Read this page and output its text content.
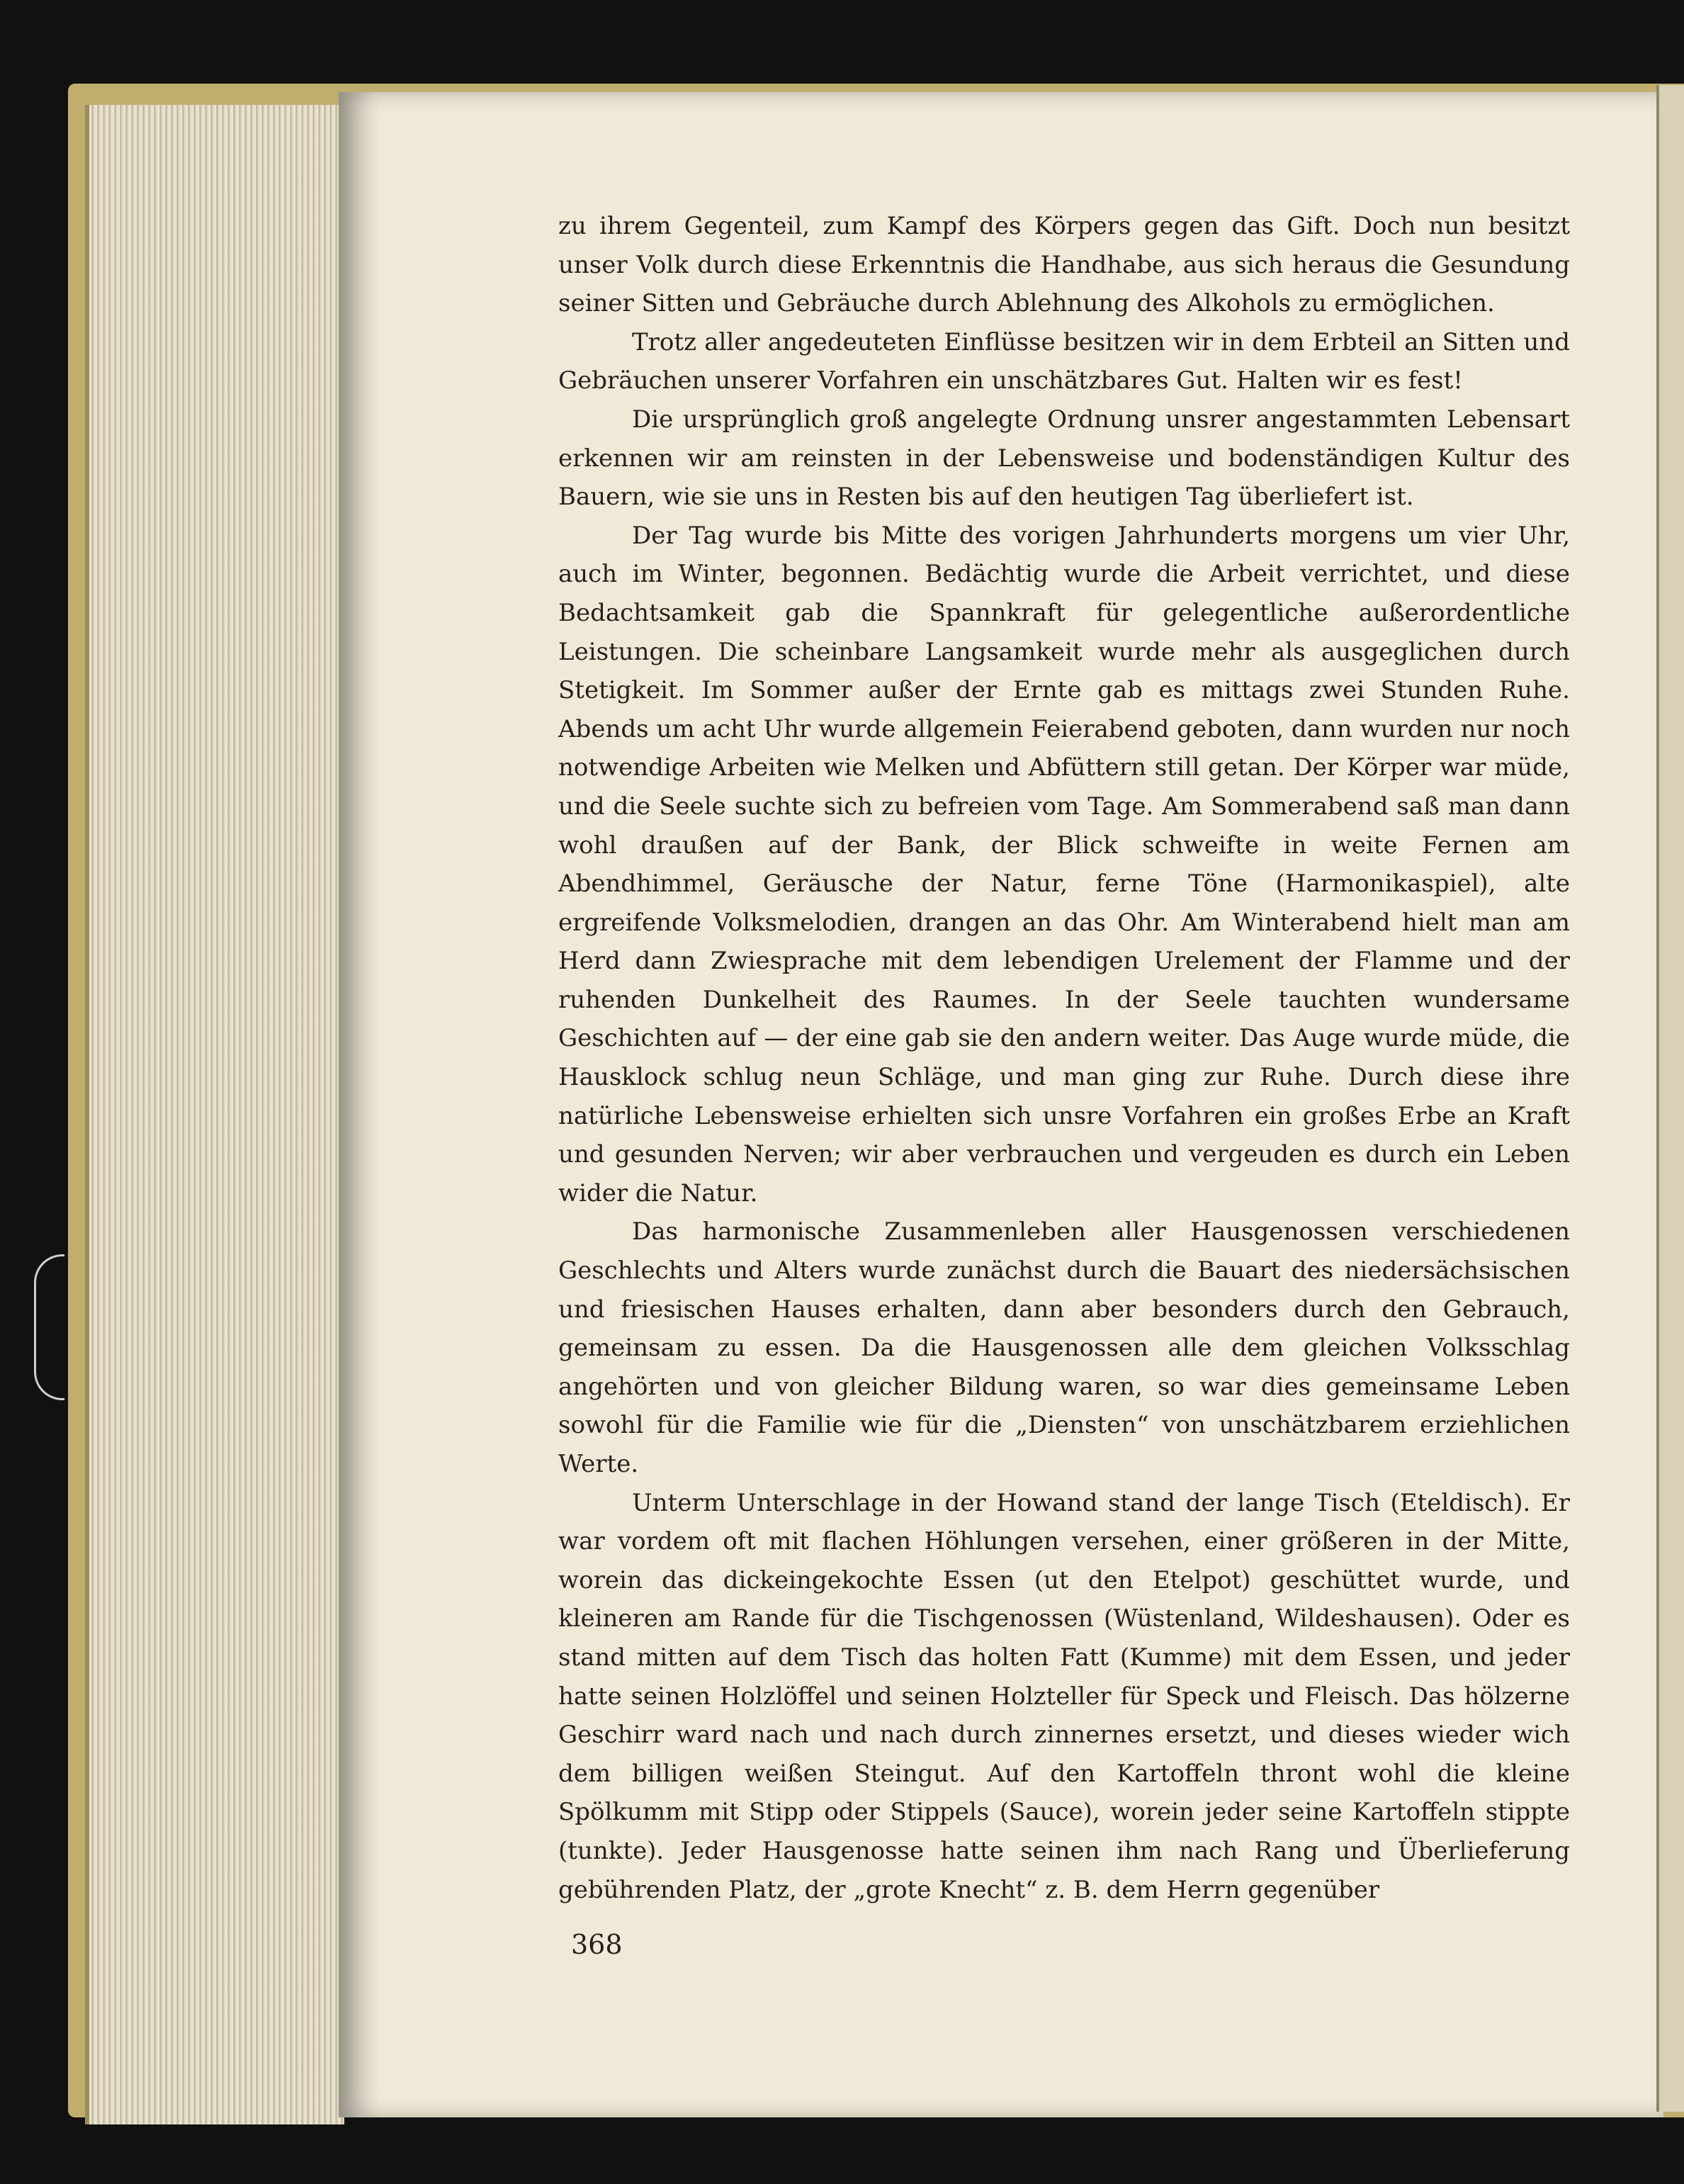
zu ihrem Gegenteil, zum Kampf des Körpers gegen das Gift. Doch nun besitzt unser Volk durch diese Erkenntnis die Handhabe, aus sich heraus die Gesundung seiner Sitten und Gebräuche durch Ablehnung des Alkohols zu ermöglichen.

Trotz aller angedeuteten Einflüsse besitzen wir in dem Erbteil an Sitten und Gebräuchen unserer Vorfahren ein unschätzbares Gut. Halten wir es fest!

Die ursprünglich groß angelegte Ordnung unsrer angestammten Lebensart erkennen wir am reinsten in der Lebensweise und bodenständigen Kultur des Bauern, wie sie uns in Resten bis auf den heutigen Tag überliefert ist.

Der Tag wurde bis Mitte des vorigen Jahrhunderts morgens um vier Uhr, auch im Winter, begonnen. Bedächtig wurde die Arbeit verrichtet, und diese Bedachtsamkeit gab die Spannkraft für gelegentliche außerordentliche Leistungen. Die scheinbare Langsamkeit wurde mehr als ausgeglichen durch Stetigkeit. Im Sommer außer der Ernte gab es mittags zwei Stunden Ruhe. Abends um acht Uhr wurde allgemein Feierabend geboten, dann wurden nur noch notwendige Arbeiten wie Melken und Abfüttern still getan. Der Körper war müde, und die Seele suchte sich zu befreien vom Tage. Am Sommerabend saß man dann wohl draußen auf der Bank, der Blick schweifte in weite Fernen am Abendhimmel, Geräusche der Natur, ferne Töne (Harmonikaspiel), alte ergreifende Volksmelodien, drangen an das Ohr. Am Winterabend hielt man am Herd dann Zwiesprache mit dem lebendigen Urelement der Flamme und der ruhenden Dunkelheit des Raumes. In der Seele tauchten wundersame Geschichten auf — der eine gab sie den andern weiter. Das Auge wurde müde, die Hausklock schlug neun Schläge, und man ging zur Ruhe. Durch diese ihre natürliche Lebensweise erhielten sich unsre Vorfahren ein großes Erbe an Kraft und gesunden Nerven; wir aber verbrauchen und vergeuden es durch ein Leben wider die Natur.

Das harmonische Zusammenleben aller Hausgenossen verschiedenen Geschlechts und Alters wurde zunächst durch die Bauart des niedersächsischen und friesischen Hauses erhalten, dann aber besonders durch den Gebrauch, gemeinsam zu essen. Da die Hausgenossen alle dem gleichen Volksschlag angehörten und von gleicher Bildung waren, so war dies gemeinsame Leben sowohl für die Familie wie für die „Diensten“ von unschätzbarem erziehlichen Werte.

Unterm Unterschlage in der Howand stand der lange Tisch (Eteldisch). Er war vordem oft mit flachen Höhlungen versehen, einer größeren in der Mitte, worein das dickeingekochte Essen (ut den Etelpot) geschüttet wurde, und kleineren am Rande für die Tischgenossen (Wüstenland, Wildeshausen). Oder es stand mitten auf dem Tisch das holten Fatt (Kumme) mit dem Essen, und jeder hatte seinen Holzlöffel und seinen Holzteller für Speck und Fleisch. Das hölzerne Geschirr ward nach und nach durch zinnernes ersetzt, und dieses wieder wich dem billigen weißen Steingut. Auf den Kartoffeln thront wohl die kleine Spölkumm mit Stipp oder Stippels (Sauce), worein jeder seine Kartoffeln stippte (tunkte). Jeder Hausgenosse hatte seinen ihm nach Rang und Überlieferung gebührenden Platz, der „grote Knecht“ z. B. dem Herrn gegenüber

368
